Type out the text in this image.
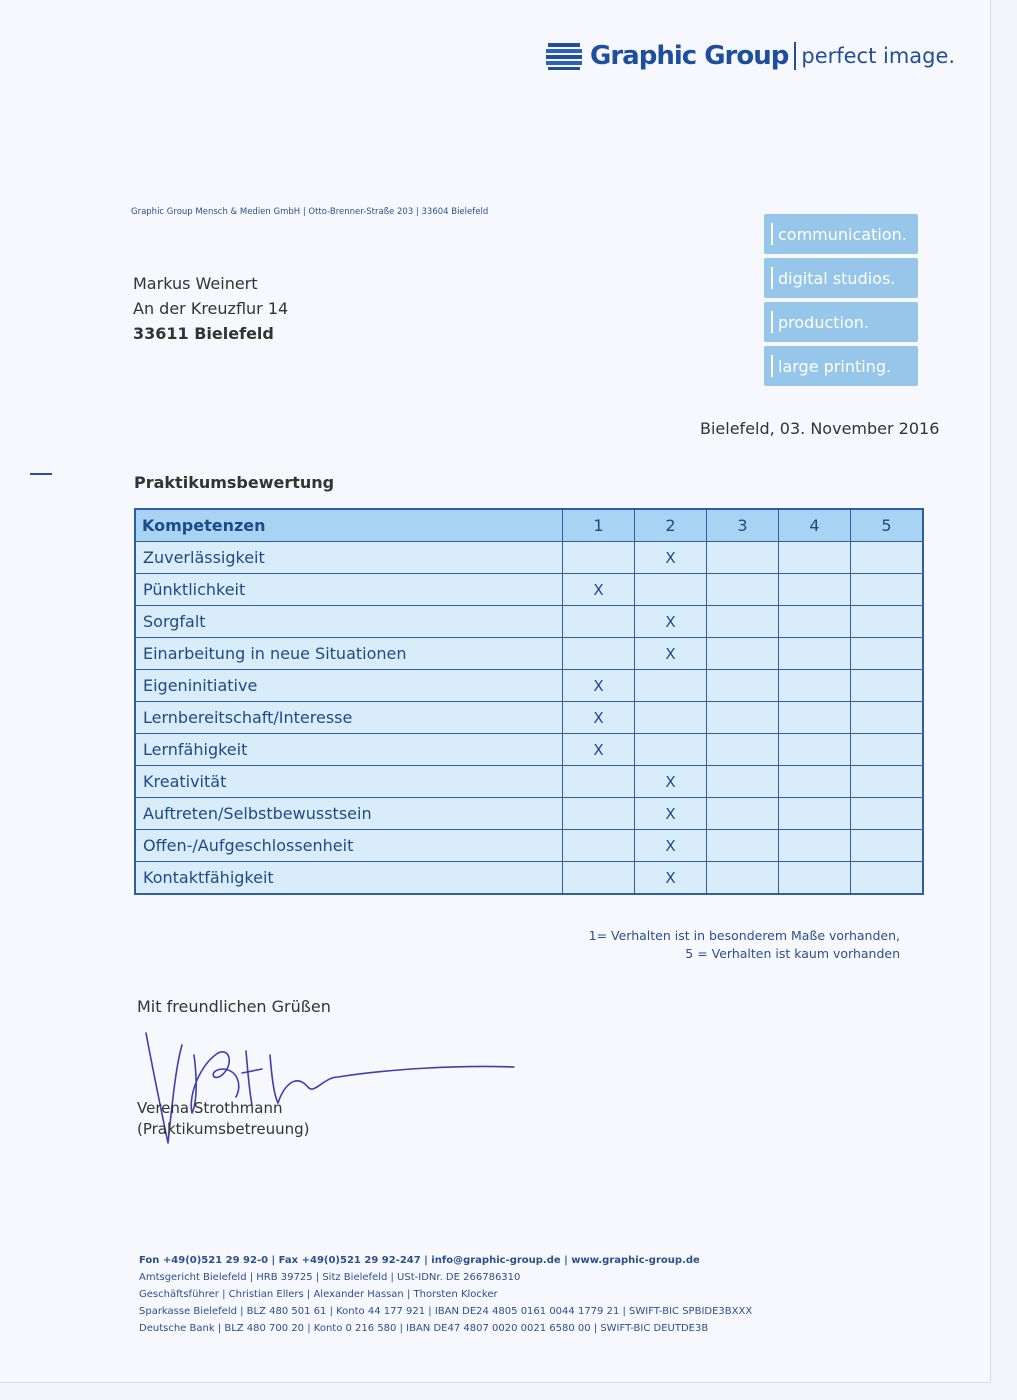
Graphic Group perfect image.
Graphic Group Mensch & Medien GmbH | Otto-Brenner-Straße 203 | 33604 Bielefeld
communication.
digital studios.
production.
large printing.
Markus Weinert
An der Kreuzflur 14
33611 Bielefeld
Bielefeld, 03. November 2016
Praktikumsbewertung
Kompetenzen	1	2	3	4	5
Zuverlässigkeit		X			
Pünktlichkeit	X				
Sorgfalt		X			
Einarbeitung in neue Situationen		X			
Eigeninitiative	X				
Lernbereitschaft/Interesse	X				
Lernfähigkeit	X				
Kreativität		X			
Auftreten/Selbstbewusstsein		X			
Offen-/Aufgeschlossenheit		X			
Kontaktfähigkeit		X			
1= Verhalten ist in besonderem Maße vorhanden,
5 = Verhalten ist kaum vorhanden
Mit freundlichen Grüßen
Verena Strothmann
(Praktikumsbetreuung)
Fon +49(0)521 29 92-0 | Fax +49(0)521 29 92-247 | info@graphic-group.de | www.graphic-group.de
Amtsgericht Bielefeld | HRB 39725 | Sitz Bielefeld | USt-IDNr. DE 266786310
Geschäftsführer | Christian Ellers | Alexander Hassan | Thorsten Klocker
Sparkasse Bielefeld | BLZ 480 501 61 | Konto 44 177 921 | IBAN DE24 4805 0161 0044 1779 21 | SWIFT-BIC SPBIDE3BXXX
Deutsche Bank | BLZ 480 700 20 | Konto 0 216 580 | IBAN DE47 4807 0020 0021 6580 00 | SWIFT-BIC DEUTDE3B
